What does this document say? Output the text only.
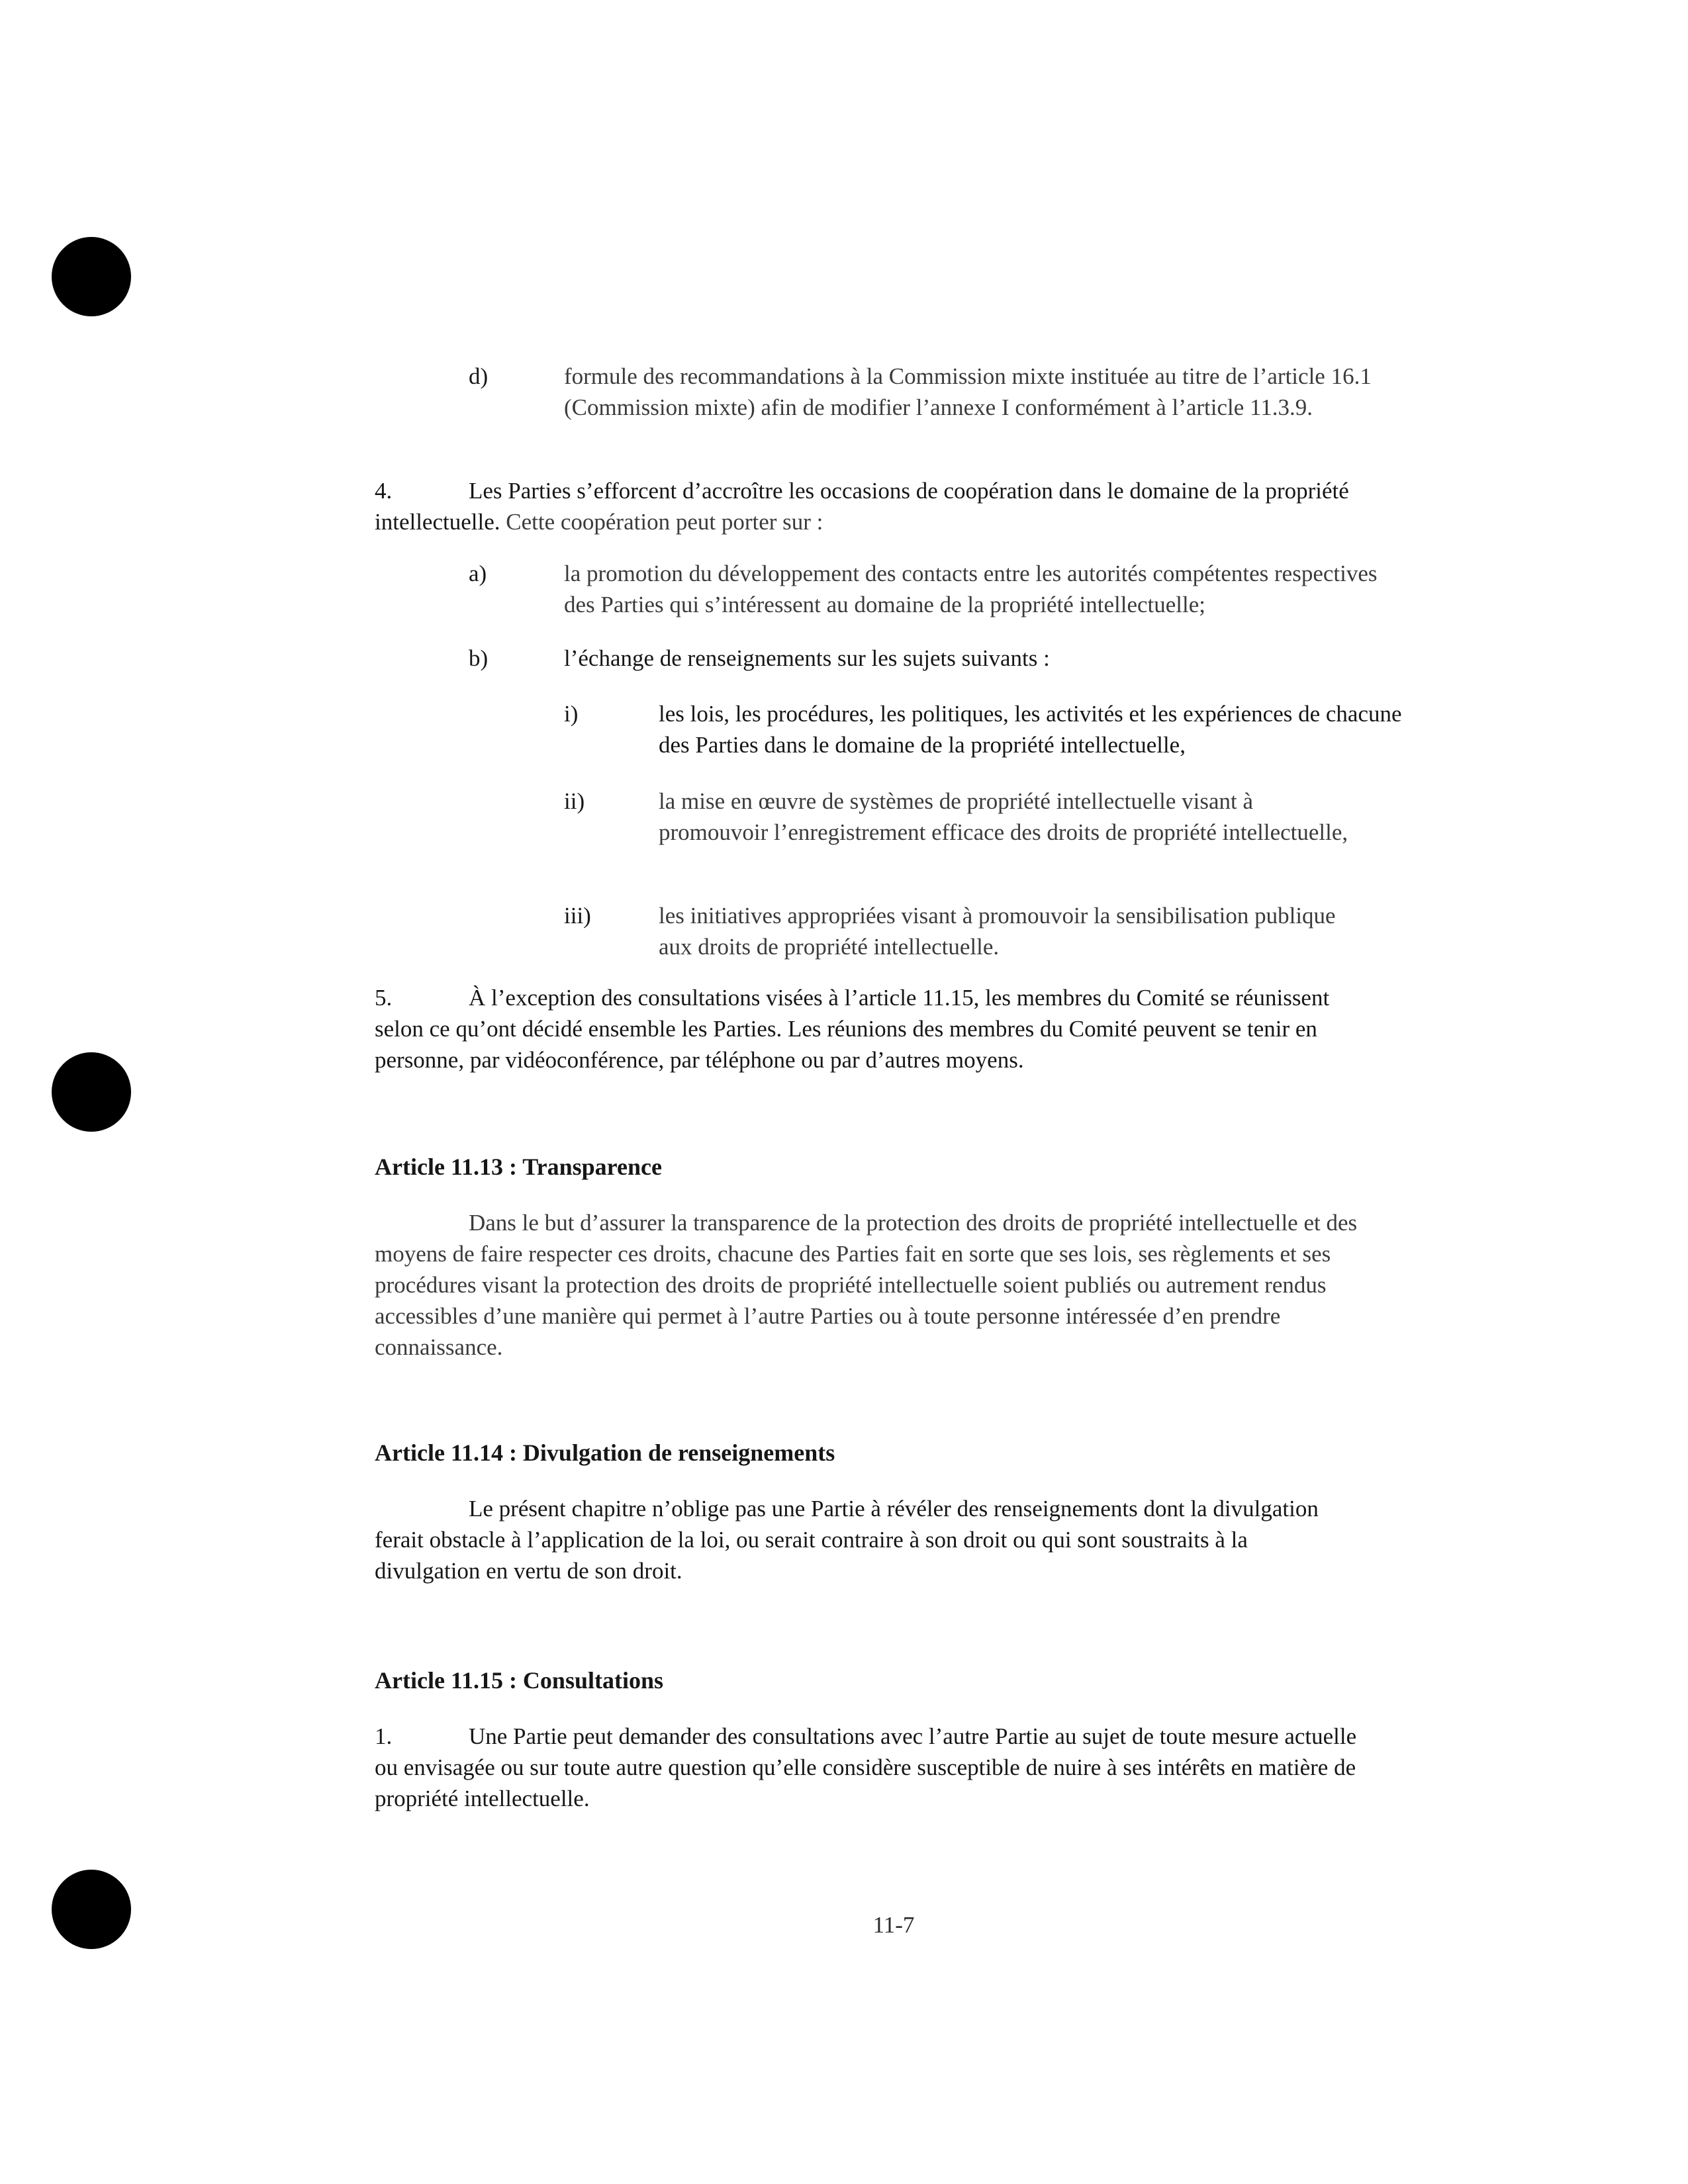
d)	formule des recommandations à la Commission mixte instituée au titre de l’article 16.1 (Commission mixte) afin de modifier l’annexe I conformément à l’article 11.3.9.
4.	Les Parties s’efforcent d’accroître les occasions de coopération dans le domaine de la propriété intellectuelle. Cette coopération peut porter sur :
a)	la promotion du développement des contacts entre les autorités compétentes respectives des Parties qui s’intéressent au domaine de la propriété intellectuelle;
b)	l’échange de renseignements sur les sujets suivants :
i)	les lois, les procédures, les politiques, les activités et les expériences de chacune des Parties dans le domaine de la propriété intellectuelle,
ii)	la mise en œuvre de systèmes de propriété intellectuelle visant à promouvoir l’enregistrement efficace des droits de propriété intellectuelle,
iii)	les initiatives appropriées visant à promouvoir la sensibilisation publique aux droits de propriété intellectuelle.
5.	À l’exception des consultations visées à l’article 11.15, les membres du Comité se réunissent selon ce qu’ont décidé ensemble les Parties. Les réunions des membres du Comité peuvent se tenir en personne, par vidéoconférence, par téléphone ou par d’autres moyens.
Article 11.13 : Transparence
Dans le but d’assurer la transparence de la protection des droits de propriété intellectuelle et des moyens de faire respecter ces droits, chacune des Parties fait en sorte que ses lois, ses règlements et ses procédures visant la protection des droits de propriété intellectuelle soient publiés ou autrement rendus accessibles d’une manière qui permet à l’autre Parties ou à toute personne intéressée d’en prendre connaissance.
Article 11.14 : Divulgation de renseignements
Le présent chapitre n’oblige pas une Partie à révéler des renseignements dont la divulgation ferait obstacle à l’application de la loi, ou serait contraire à son droit ou qui sont soustraits à la divulgation en vertu de son droit.
Article 11.15 : Consultations
1.	Une Partie peut demander des consultations avec l’autre Partie au sujet de toute mesure actuelle ou envisagée ou sur toute autre question qu’elle considère susceptible de nuire à ses intérêts en matière de propriété intellectuelle.
11-7
